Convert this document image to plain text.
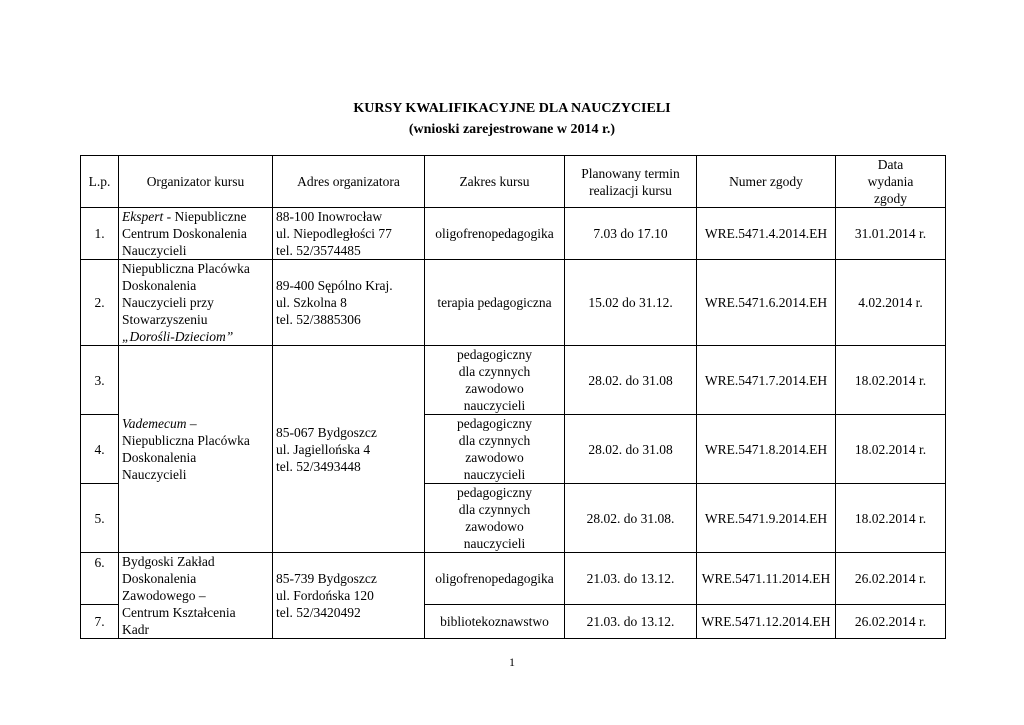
KURSY KWALIFIKACYJNE DLA NAUCZYCIELI
(wnioski zarejestrowane w 2014 r.)
L.p.	Organizator kursu	Adres organizatora	Zakres kursu	Planowany termin
realizacji kursu	Numer zgody	Data
wydania
zgody
1.	Ekspert - Niepubliczne
Centrum Doskonalenia
Nauczycieli	88-100 Inowrocław
ul. Niepodległości 77
tel. 52/3574485	oligofrenopedagogika	7.03 do 17.10	WRE.5471.4.2014.EH	31.01.2014 r.
2.	Niepubliczna Placówka
Doskonalenia
Nauczycieli przy
Stowarzyszeniu
„Dorośli-Dzieciom”	89-400 Sępólno Kraj.
ul. Szkolna 8
tel. 52/3885306	terapia pedagogiczna	15.02 do 31.12.	WRE.5471.6.2014.EH	4.02.2014 r.
3.	Vademecum –
Niepubliczna Placówka
Doskonalenia
Nauczycieli	85-067 Bydgoszcz
ul. Jagiellońska 4
tel. 52/3493448	pedagogiczny
dla czynnych
zawodowo
nauczycieli	28.02. do 31.08	WRE.5471.7.2014.EH	18.02.2014 r.
4.			pedagogiczny
dla czynnych
zawodowo
nauczycieli	28.02. do 31.08	WRE.5471.8.2014.EH	18.02.2014 r.
5.			pedagogiczny
dla czynnych
zawodowo
nauczycieli	28.02. do 31.08.	WRE.5471.9.2014.EH	18.02.2014 r.
6.	Bydgoski Zakład
Doskonalenia
Zawodowego –
Centrum Kształcenia
Kadr	85-739 Bydgoszcz
ul. Fordońska 120
tel. 52/3420492	oligofrenopedagogika	21.03. do 13.12.	WRE.5471.11.2014.EH	26.02.2014 r.
7.			bibliotekoznawstwo	21.03. do 13.12.	WRE.5471.12.2014.EH	26.02.2014 r.
1
